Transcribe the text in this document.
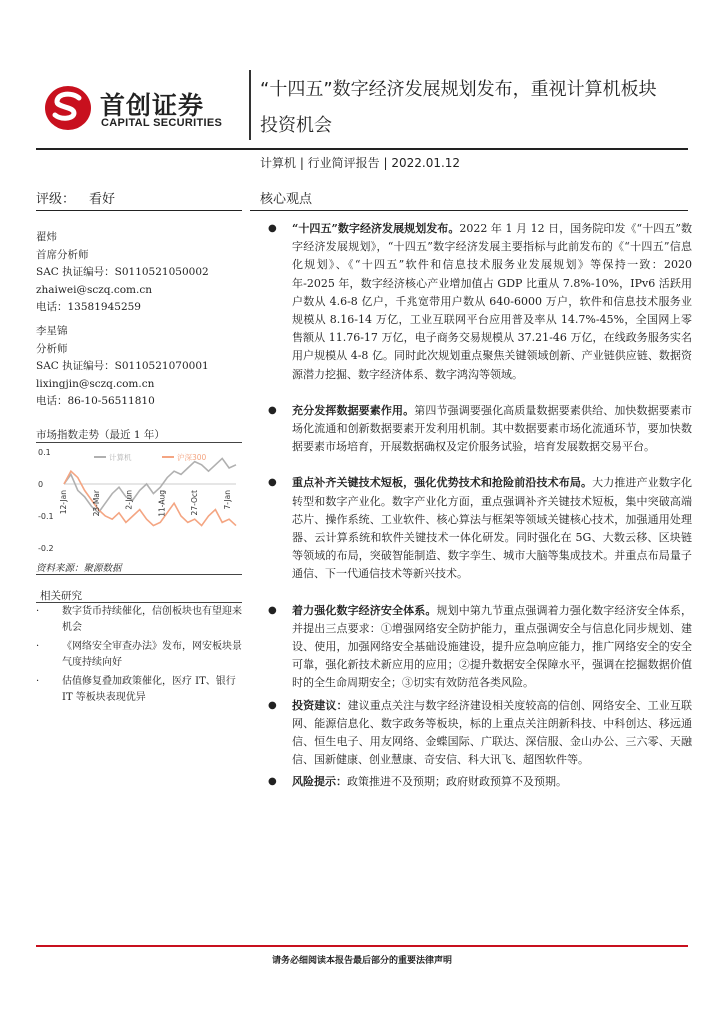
首创证券
CAPITAL SECURITIES
“十四五”数字经济发展规划发布，重视计算机板块
投资机会
计算机 | 行业简评报告 | 2022.01.12
评级： 看好	核心观点
翟炜
首席分析师
SAC 执证编号：S0110521050002
zhaiwei@sczq.com.cn
电话：13581945259
李星锦
分析师
SAC 执证编号：S0110521070001
lixingjin@sczq.com.cn
电话：86-10-56511810
市场指数走势（最近 1 年）
0.1
0
-0.1
-0.2
计算机	沪深300
12-Jan	23-Mar	2-Jun	11-Aug	27-Oct	7-Jan
资料来源：聚源数据
相关研究
· 数字货币持续催化，信创板块也有望迎来机会
· 《网络安全审查办法》发布，网安板块景气度持续向好
· 估值修复叠加政策催化，医疗 IT、银行 IT 等板块表现优异
● “十四五”数字经济发展规划发布。2022 年 1 月 12 日，国务院印发《“十四五”数字经济发展规划》，“十四五”数字经济发展主要指标与此前发布的《“十四五”信息化规划》、《“十四五”软件和信息技术服务业发展规划》等保持一致：2020 年-2025 年，数字经济核心产业增加值占 GDP 比重从 7.8%-10%，IPv6 活跃用户数从 4.6-8 亿户，千兆宽带用户数从 640-6000 万户，软件和信息技术服务业规模从 8.16-14 万亿，工业互联网平台应用普及率从 14.7%-45%，全国网上零售额从 11.76-17 万亿，电子商务交易规模从 37.21-46 万亿，在线政务服务实名用户规模从 4-8 亿。同时此次规划重点聚焦关键领域创新、产业链供应链、数据资源潜力挖掘、数字经济体系、数字鸿沟等领域。
● 充分发挥数据要素作用。第四节强调要强化高质量数据要素供给、加快数据要素市场化流通和创新数据要素开发利用机制。其中数据要素市场化流通环节，要加快数据要素市场培育，开展数据确权及定价服务试验，培育发展数据交易平台。
● 重点补齐关键技术短板，强化优势技术和抢险前沿技术布局。大力推进产业数字化转型和数字产业化。数字产业化方面，重点强调补齐关键技术短板，集中突破高端芯片、操作系统、工业软件、核心算法与框架等领域关键核心技术，加强通用处理器、云计算系统和软件关键技术一体化研发。同时强化在 5G、大数云移、区块链等领域的布局，突破智能制造、数字孪生、城市大脑等集成技术。并重点布局量子通信、下一代通信技术等新兴技术。
● 着力强化数字经济安全体系。规划中第九节重点强调着力强化数字经济安全体系，并提出三点要求：①增强网络安全防护能力，重点强调安全与信息化同步规划、建设、使用，加强网络安全基础设施建设，提升应急响应能力，推广网络安全的安全可靠，强化新技术新应用的应用；②提升数据安全保障水平，强调在挖掘数据价值时的全生命周期安全；③切实有效防范各类风险。
● 投资建议：建议重点关注与数字经济建设相关度较高的信创、网络安全、工业互联网、能源信息化、数字政务等板块，标的上重点关注朗新科技、中科创达、移远通信、恒生电子、用友网络、金蝶国际、广联达、深信服、金山办公、三六零、天融信、国新健康、创业慧康、奇安信、科大讯飞、超图软件等。
● 风险提示：政策推进不及预期；政府财政预算不及预期。
请务必细阅读本报告最后部分的重要法律声明
